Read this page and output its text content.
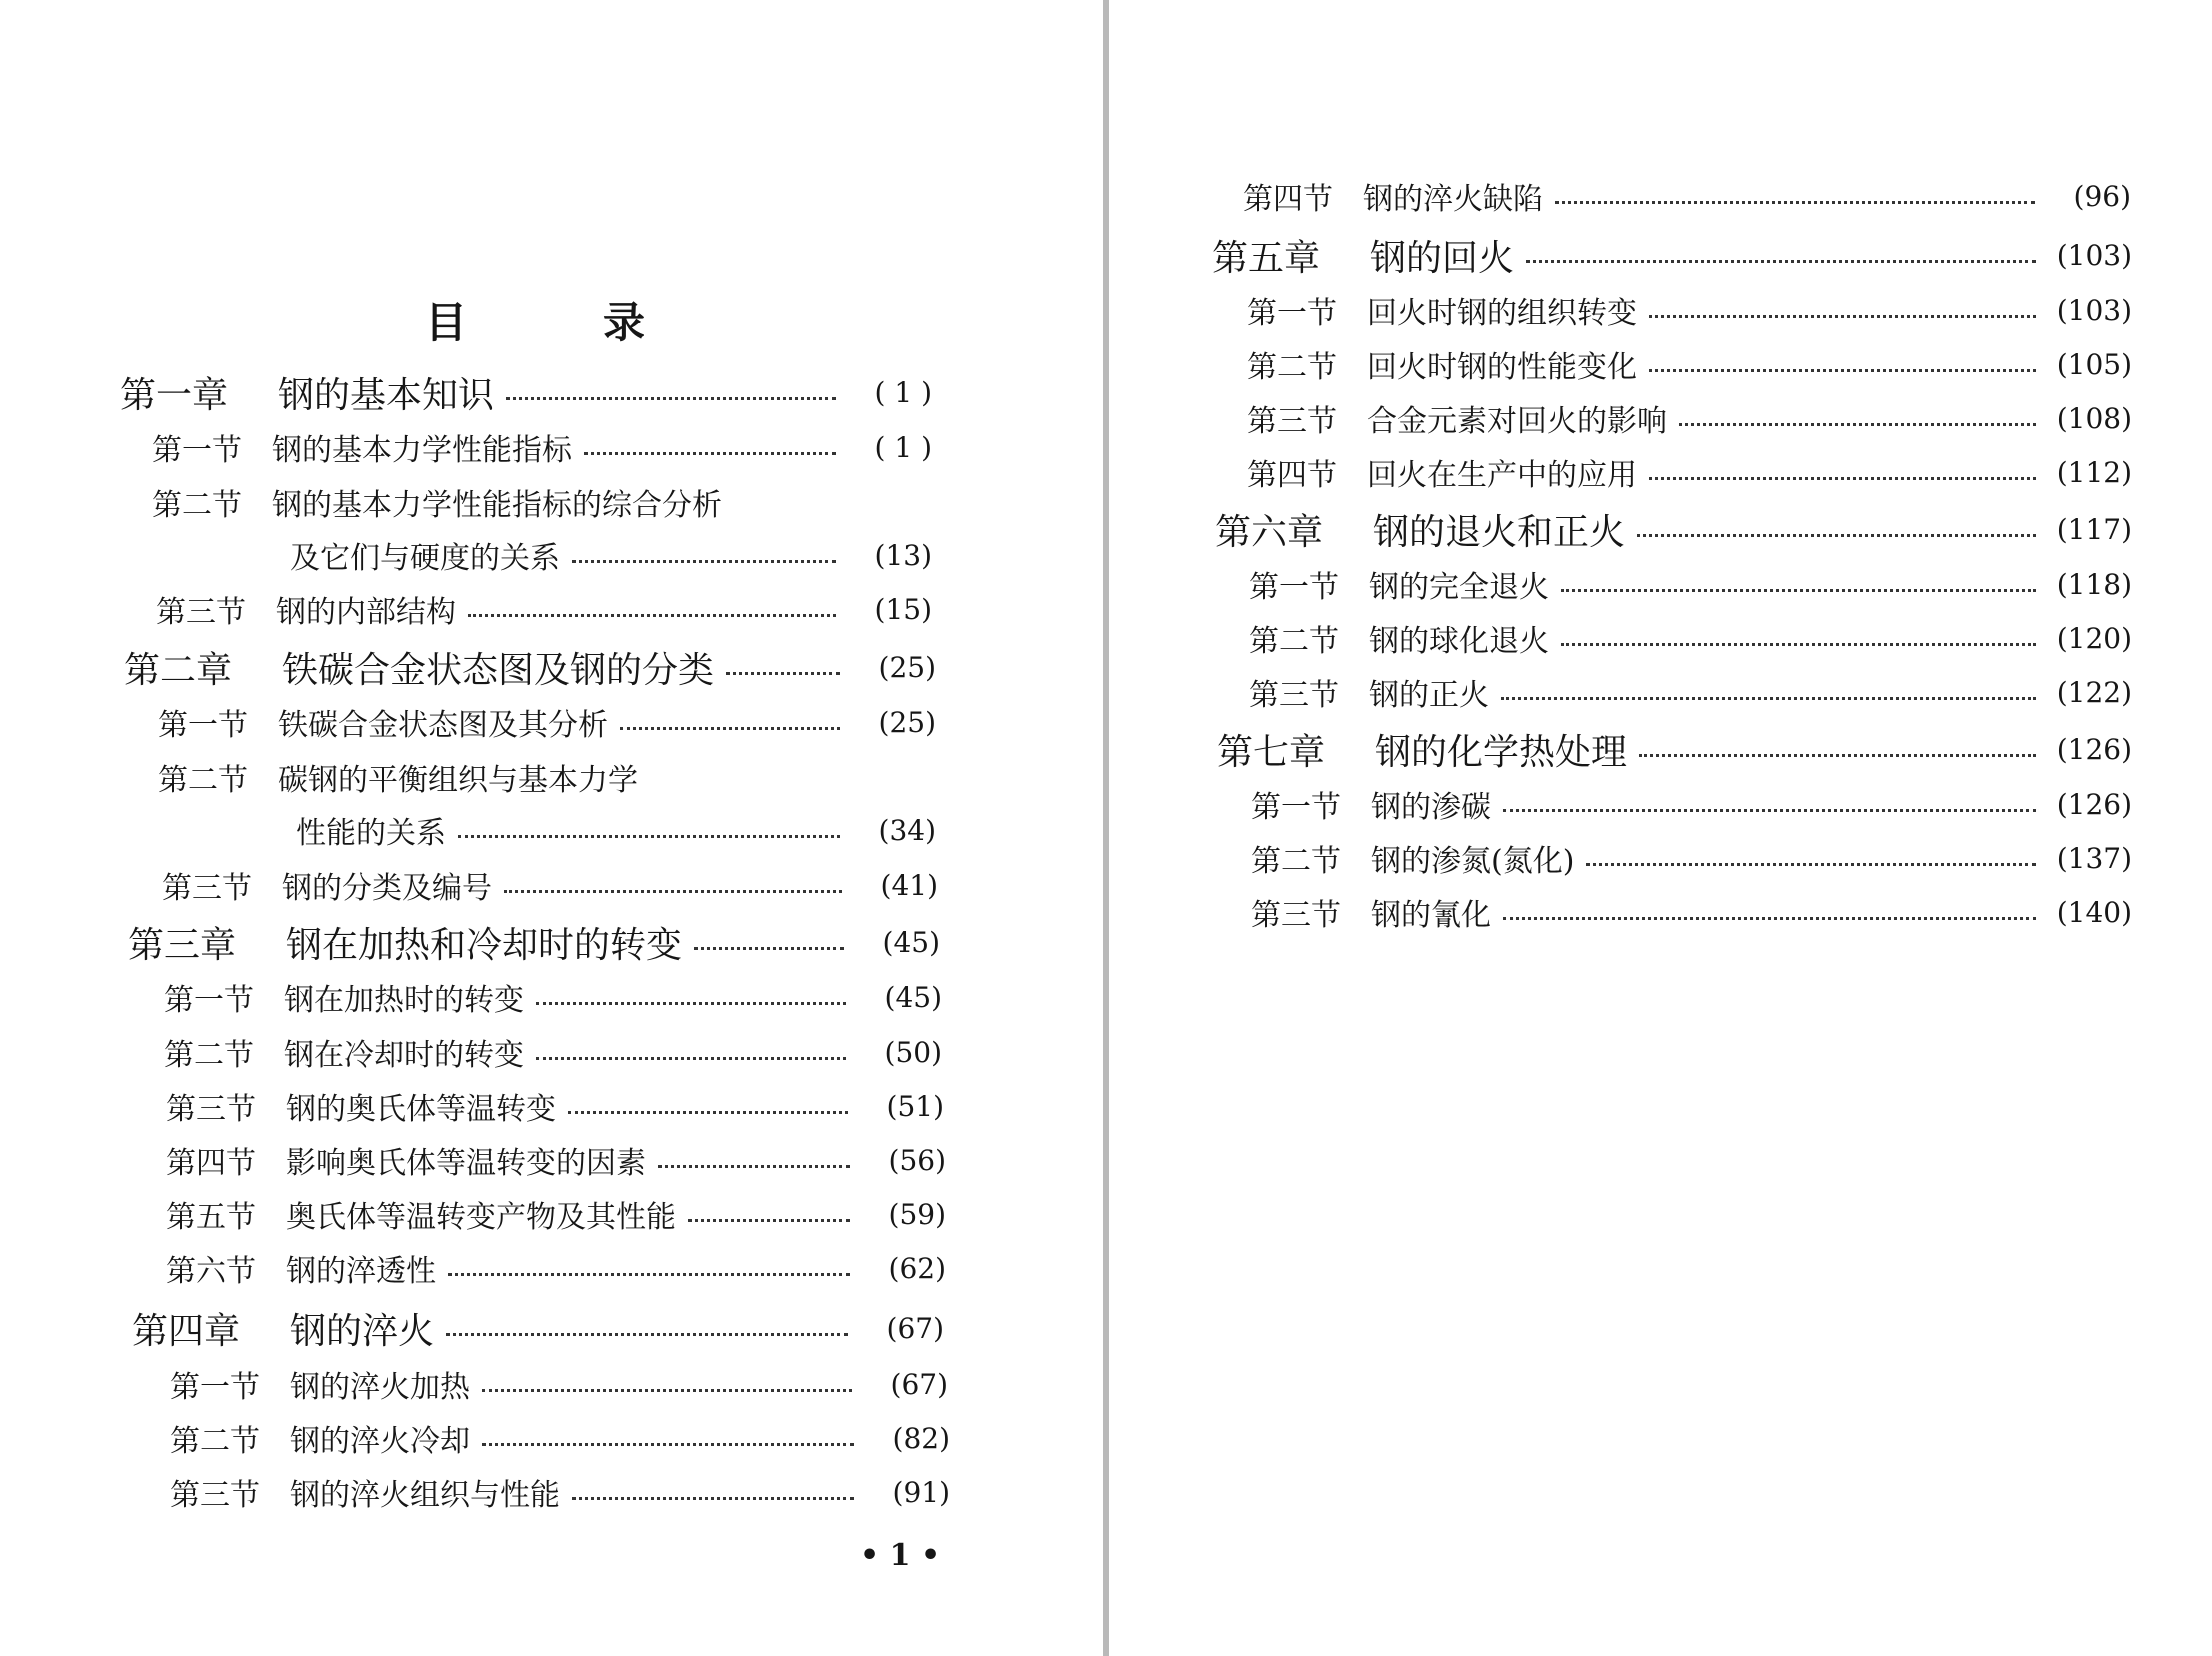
目	录
第一章 钢的基本知识	( 1 )
第一节 钢的基本力学性能指标	( 1 )
第二节 钢的基本力学性能指标的综合分析
及它们与硬度的关系	(13)
第三节 钢的内部结构	(15)
第二章 铁碳合金状态图及钢的分类	(25)
第一节 铁碳合金状态图及其分析	(25)
第二节 碳钢的平衡组织与基本力学
性能的关系	(34)
第三节 钢的分类及编号	(41)
第三章 钢在加热和冷却时的转变	(45)
第一节 钢在加热时的转变	(45)
第二节 钢在冷却时的转变	(50)
第三节 钢的奥氏体等温转变	(51)
第四节 影响奥氏体等温转变的因素	(56)
第五节 奥氏体等温转变产物及其性能	(59)
第六节 钢的淬透性	(62)
第四章 钢的淬火	(67)
第一节 钢的淬火加热	(67)
第二节 钢的淬火冷却	(82)
第三节 钢的淬火组织与性能	(91)
• 1 •
第四节 钢的淬火缺陷	(96)
第五章 钢的回火	(103)
第一节 回火时钢的组织转变	(103)
第二节 回火时钢的性能变化	(105)
第三节 合金元素对回火的影响	(108)
第四节 回火在生产中的应用	(112)
第六章 钢的退火和正火	(117)
第一节 钢的完全退火	(118)
第二节 钢的球化退火	(120)
第三节 钢的正火	(122)
第七章 钢的化学热处理	(126)
第一节 钢的渗碳	(126)
第二节 钢的渗氮(氮化)	(137)
第三节 钢的氰化	(140)
